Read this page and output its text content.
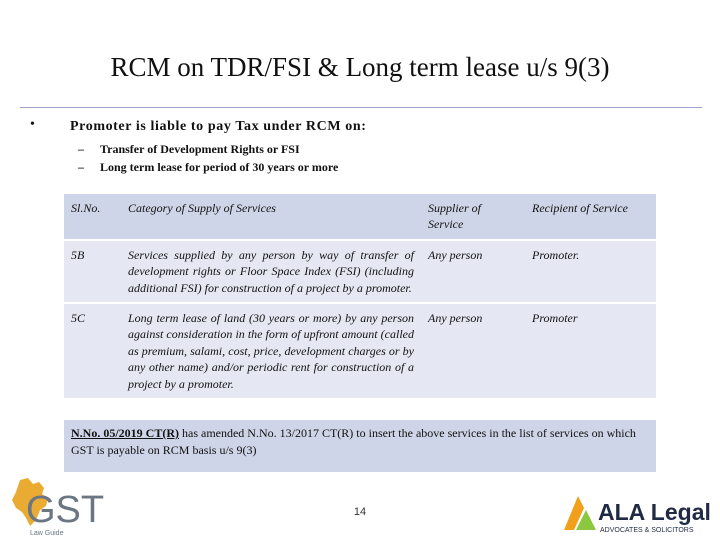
RCM on TDR/FSI & Long term lease u/s 9(3)
•	Promoter is liable to pay Tax under RCM on:
– Transfer of Development Rights or FSI
– Long term lease for period of 30 years or more
Sl.No.	Category of Supply of Services	Supplier of Service	Recipient of Service
5B	Services supplied by any person by way of transfer of development rights or Floor Space Index (FSI) (including additional FSI) for construction of a project by a promoter.	Any person	Promoter.
5C	Long term lease of land (30 years or more) by any person against consideration in the form of upfront amount (called as premium, salami, cost, price, development charges or by any other name) and/or periodic rent for construction of a project by a promoter.	Any person	Promoter
N.No. 05/2019 CT(R) has amended N.No. 13/2017 CT(R) to insert the above services in the list of services on which GST is payable on RCM basis u/s 9(3)
14
GST
Law Guide
ALA Legal
ADVOCATES & SOLICITORS
